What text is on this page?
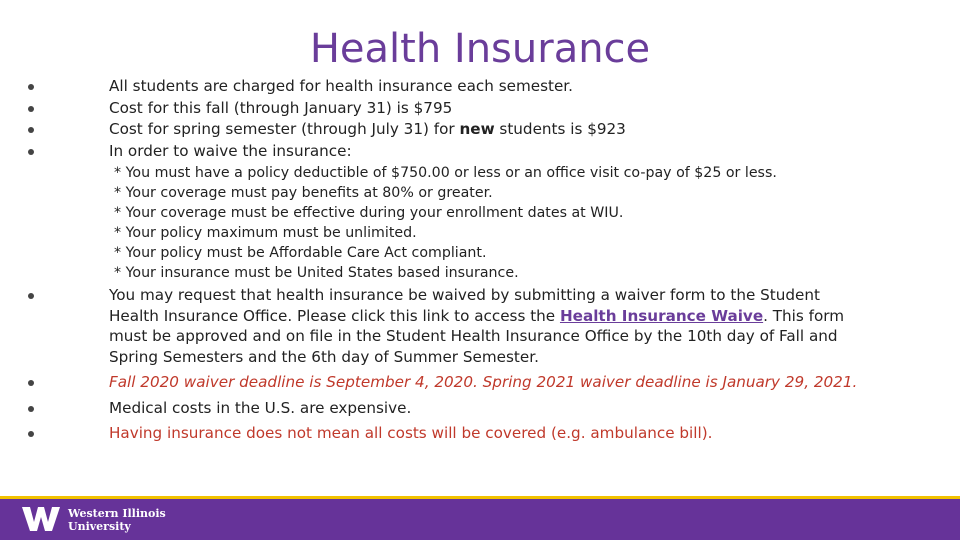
Health Insurance
All students are charged for health insurance each semester.
Cost for this fall (through January 31) is $795
Cost for spring semester (through July 31) for new students is $923
In order to waive the insurance:
* You must have a policy deductible of $750.00 or less or an office visit co-pay of $25 or less.
* Your coverage must pay benefits at 80% or greater.
* Your coverage must be effective during your enrollment dates at WIU.
* Your policy maximum must be unlimited.
* Your policy must be Affordable Care Act compliant.
* Your insurance must be United States based insurance.
You may request that health insurance be waived by submitting a waiver form to the Student
Health Insurance Office. Please click this link to access the Health Insurance Waive. This form
must be approved and on file in the Student Health Insurance Office by the 10th day of Fall and
Spring Semesters and the 6th day of Summer Semester.
Fall 2020 waiver deadline is September 4, 2020. Spring 2021 waiver deadline is January 29, 2021.
Medical costs in the U.S. are expensive.
Having insurance does not mean all costs will be covered (e.g. ambulance bill).
Western Illinois
University
